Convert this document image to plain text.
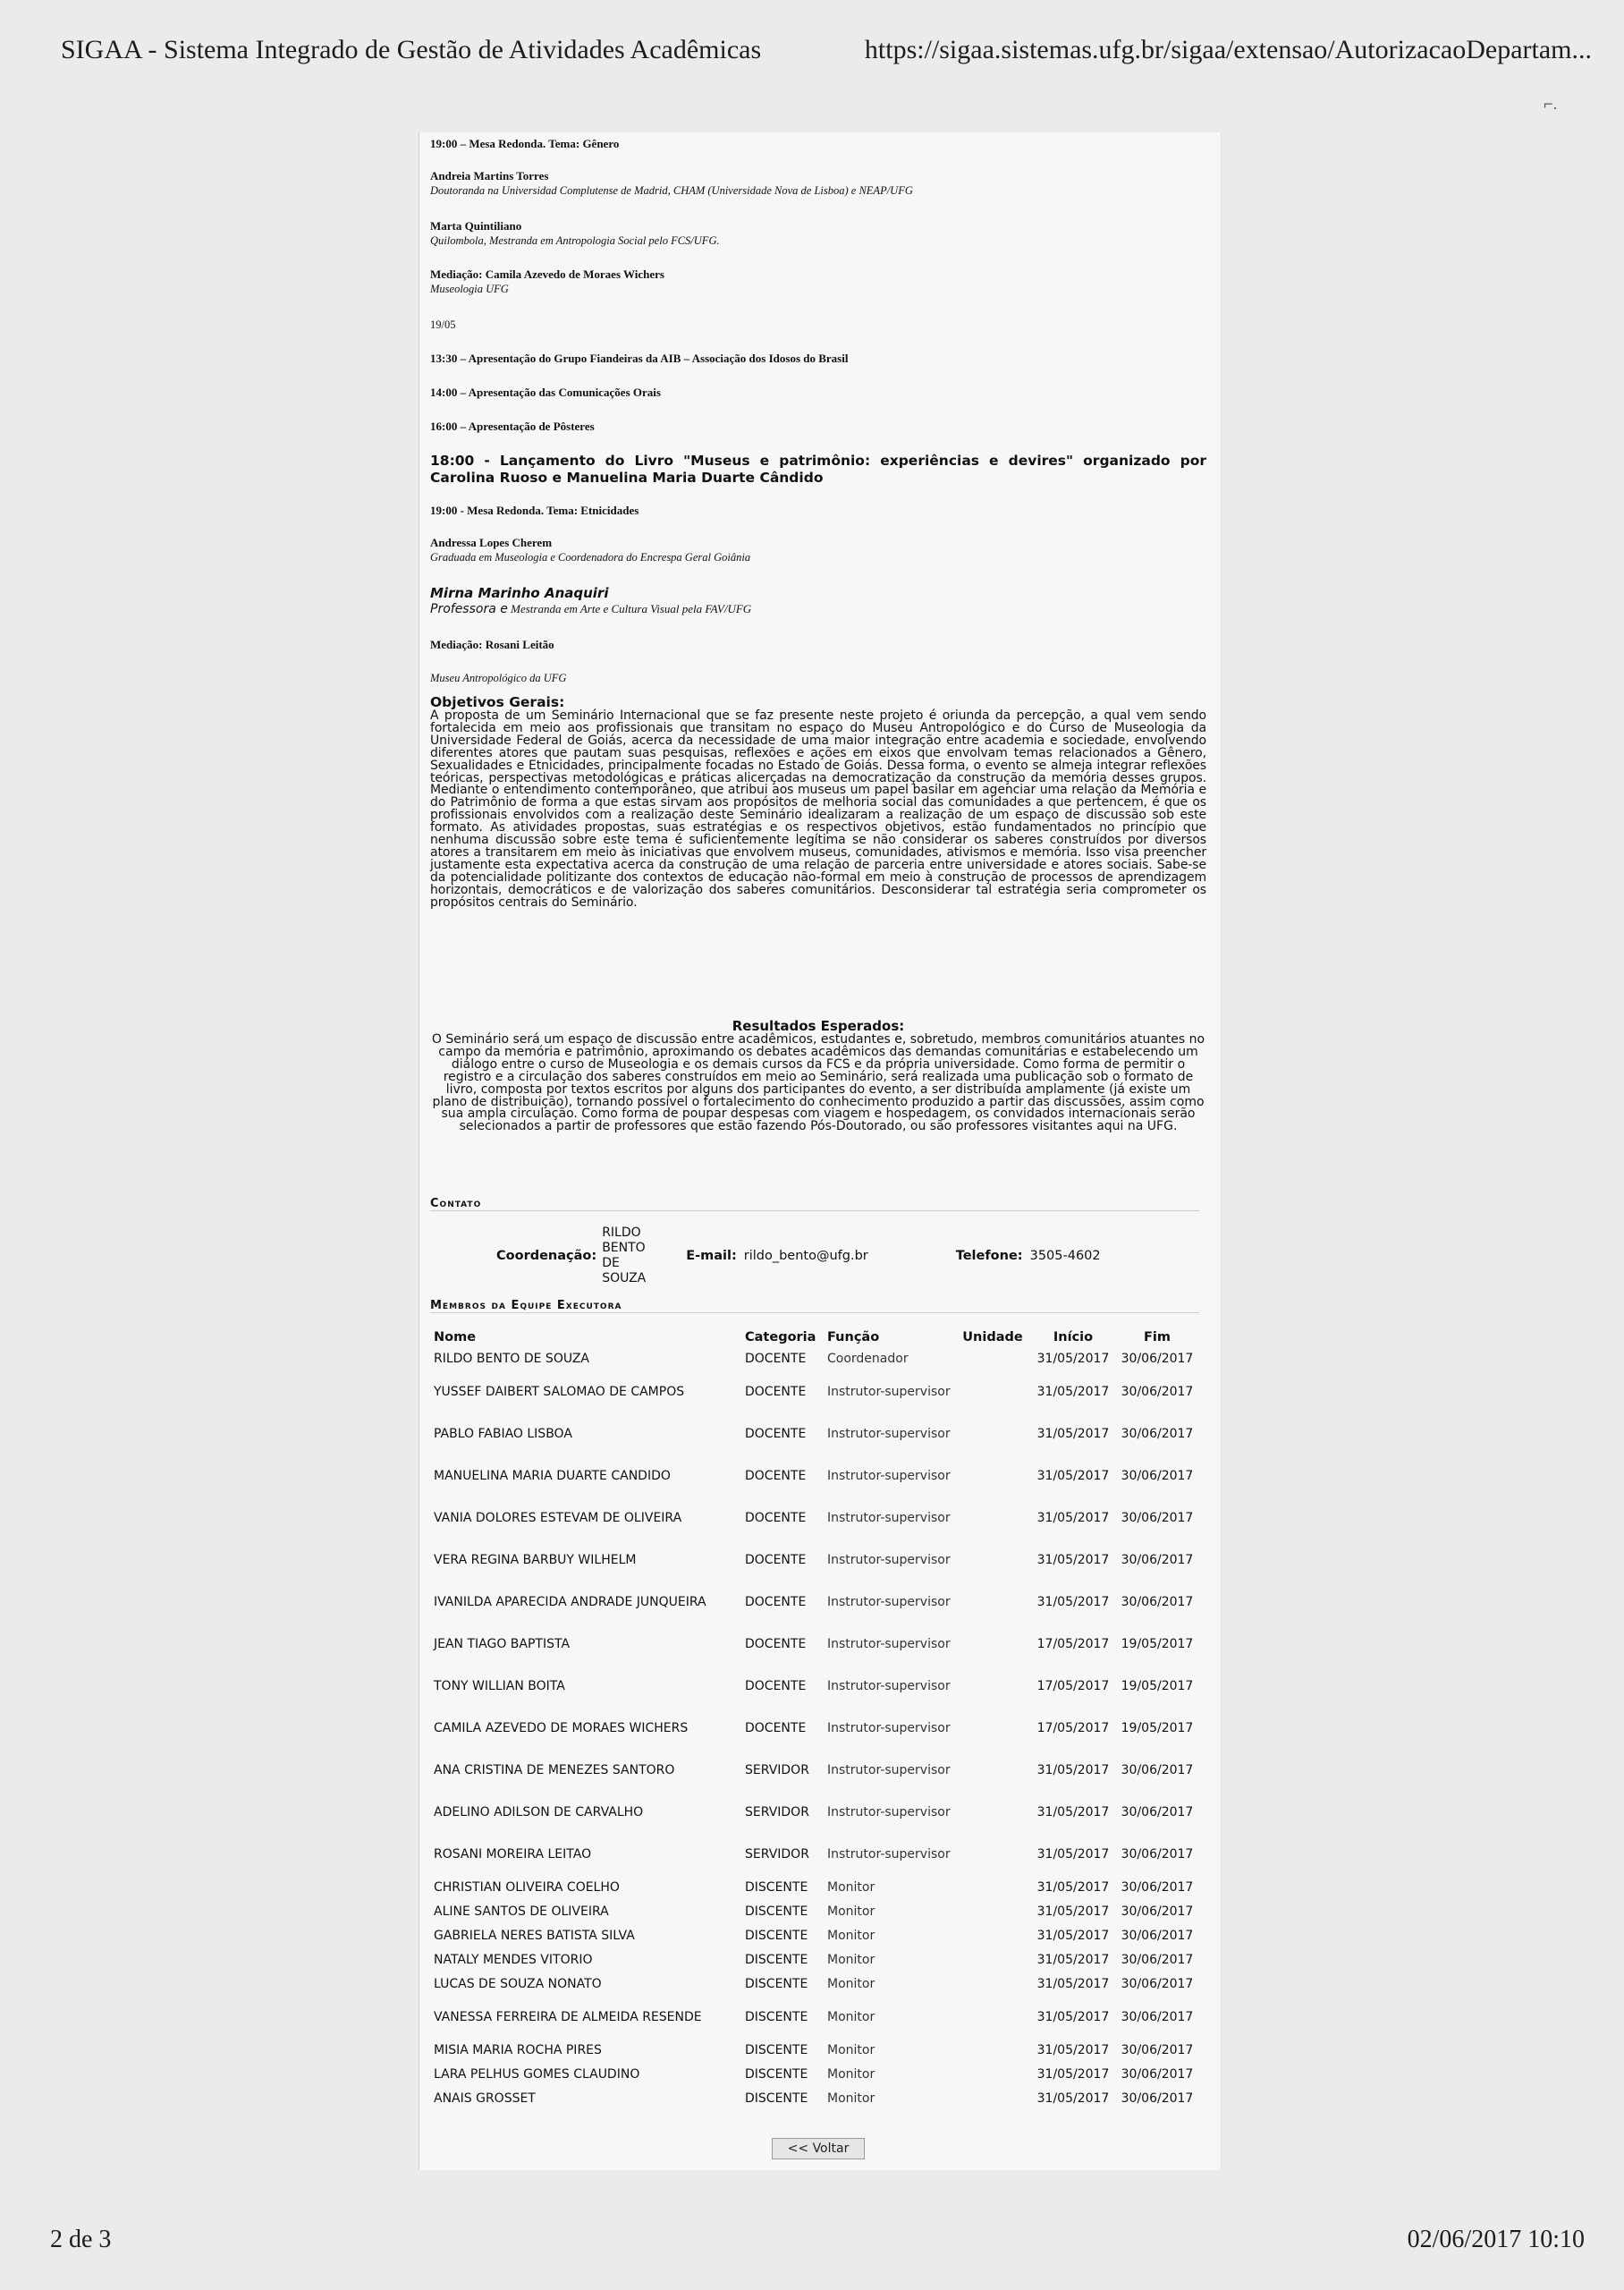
SIGAA - Sistema Integrado de Gestão de Atividades Acadêmicas	https://sigaa.sistemas.ufg.br/sigaa/extensao/AutorizacaoDepartam...
⌐.
19:00 – Mesa Redonda. Tema: Gênero
Andreia Martins Torres
Doutoranda na Universidad Complutense de Madrid, CHAM (Universidade Nova de Lisboa) e NEAP/UFG
Marta Quintiliano
Quilombola, Mestranda em Antropologia Social pelo FCS/UFG.
Mediação: Camila Azevedo de Moraes Wichers
Museologia UFG
19/05
13:30 – Apresentação do Grupo Fiandeiras da AIB – Associação dos Idosos do Brasil
14:00 – Apresentação das Comunicações Orais
16:00 – Apresentação de Pôsteres
18:00 - Lançamento do Livro "Museus e patrimônio: experiências e devires" organizado por Carolina Ruoso e Manuelina Maria Duarte Cândido
19:00 - Mesa Redonda. Tema: Etnicidades
Andressa Lopes Cherem
Graduada em Museologia e Coordenadora do Encrespa Geral Goiânia
Mirna Marinho Anaquiri
Professora e Mestranda em Arte e Cultura Visual pela FAV/UFG
Mediação: Rosani Leitão
Museu Antropológico da UFG
Objetivos Gerais:

A proposta de um Seminário Internacional que se faz presente neste projeto é oriunda da percepção, a qual vem sendo fortalecida em meio aos profissionais que transitam no espaço do Museu Antropológico e do Curso de Museologia da Universidade Federal de Goiás, acerca da necessidade de uma maior integração entre academia e sociedade, envolvendo diferentes atores que pautam suas pesquisas, reflexões e ações em eixos que envolvam temas relacionados a Gênero, Sexualidades e Etnicidades, principalmente focadas no Estado de Goiás. Dessa forma, o evento se almeja integrar reflexões teóricas, perspectivas metodológicas e práticas alicerçadas na democratização da construção da memória desses grupos. Mediante o entendimento contemporâneo, que atribui aos museus um papel basilar em agenciar uma relação da Memória e do Patrimônio de forma a que estas sirvam aos propósitos de melhoria social das comunidades a que pertencem, é que os profissionais envolvidos com a realização deste Seminário idealizaram a realização de um espaço de discussão sob este formato. As atividades propostas, suas estratégias e os respectivos objetivos, estão fundamentados no princípio que nenhuma discussão sobre este tema é suficientemente legítima se não considerar os saberes construídos por diversos atores a transitarem em meio às iniciativas que envolvem museus, comunidades, ativismos e memória. Isso visa preencher justamente esta expectativa acerca da construção de uma relação de parceria entre universidade e atores sociais. Sabe-se da potencialidade politizante dos contextos de educação não-formal em meio à construção de processos de aprendizagem horizontais, democráticos e de valorização dos saberes comunitários. Desconsiderar tal estratégia seria comprometer os propósitos centrais do Seminário.

Resultados Esperados:

O Seminário será um espaço de discussão entre acadêmicos, estudantes e, sobretudo, membros comunitários atuantes no campo da memória e patrimônio, aproximando os debates acadêmicos das demandas comunitárias e estabelecendo um diálogo entre o curso de Museologia e os demais cursos da FCS e da própria universidade. Como forma de permitir o registro e a circulação dos saberes construídos em meio ao Seminário, será realizada uma publicação sob o formato de livro, composta por textos escritos por alguns dos participantes do evento, a ser distribuída amplamente (já existe um plano de distribuição), tornando possível o fortalecimento do conhecimento produzido a partir das discussões, assim como sua ampla circulação. Como forma de poupar despesas com viagem e hospedagem, os convidados internacionais serão selecionados a partir de professores que estão fazendo Pós-Doutorado, ou são professores visitantes aqui na UFG.

Contato
Coordenação:
RILDO BENTO DE SOUZA
E-mail: rildo_bento@ufg.br	Telefone: 3505-4602
Membros da Equipe Executora
Nome	Categoria	Função	Unidade	Início	Fim
RILDO BENTO DE SOUZA	DOCENTE	Coordenador		31/05/2017	30/06/2017
YUSSEF DAIBERT SALOMAO DE CAMPOS	DOCENTE	Instrutor-supervisor		31/05/2017	30/06/2017
PABLO FABIAO LISBOA	DOCENTE	Instrutor-supervisor		31/05/2017	30/06/2017
MANUELINA MARIA DUARTE CANDIDO	DOCENTE	Instrutor-supervisor		31/05/2017	30/06/2017
VANIA DOLORES ESTEVAM DE OLIVEIRA	DOCENTE	Instrutor-supervisor		31/05/2017	30/06/2017
VERA REGINA BARBUY WILHELM	DOCENTE	Instrutor-supervisor		31/05/2017	30/06/2017
IVANILDA APARECIDA ANDRADE JUNQUEIRA	DOCENTE	Instrutor-supervisor		31/05/2017	30/06/2017
JEAN TIAGO BAPTISTA	DOCENTE	Instrutor-supervisor		17/05/2017	19/05/2017
TONY WILLIAN BOITA	DOCENTE	Instrutor-supervisor		17/05/2017	19/05/2017
CAMILA AZEVEDO DE MORAES WICHERS	DOCENTE	Instrutor-supervisor		17/05/2017	19/05/2017
ANA CRISTINA DE MENEZES SANTORO	SERVIDOR	Instrutor-supervisor		31/05/2017	30/06/2017
ADELINO ADILSON DE CARVALHO	SERVIDOR	Instrutor-supervisor		31/05/2017	30/06/2017
ROSANI MOREIRA LEITAO	SERVIDOR	Instrutor-supervisor		31/05/2017	30/06/2017
CHRISTIAN OLIVEIRA COELHO	DISCENTE	Monitor		31/05/2017	30/06/2017
ALINE SANTOS DE OLIVEIRA	DISCENTE	Monitor		31/05/2017	30/06/2017
GABRIELA NERES BATISTA SILVA	DISCENTE	Monitor		31/05/2017	30/06/2017
NATALY MENDES VITORIO	DISCENTE	Monitor		31/05/2017	30/06/2017
LUCAS DE SOUZA NONATO	DISCENTE	Monitor		31/05/2017	30/06/2017
VANESSA FERREIRA DE ALMEIDA RESENDE	DISCENTE	Monitor		31/05/2017	30/06/2017
MISIA MARIA ROCHA PIRES	DISCENTE	Monitor		31/05/2017	30/06/2017
LARA PELHUS GOMES CLAUDINO	DISCENTE	Monitor		31/05/2017	30/06/2017
ANAIS GROSSET	DISCENTE	Monitor		31/05/2017	30/06/2017
<< Voltar
2 de 3	02/06/2017 10:10
